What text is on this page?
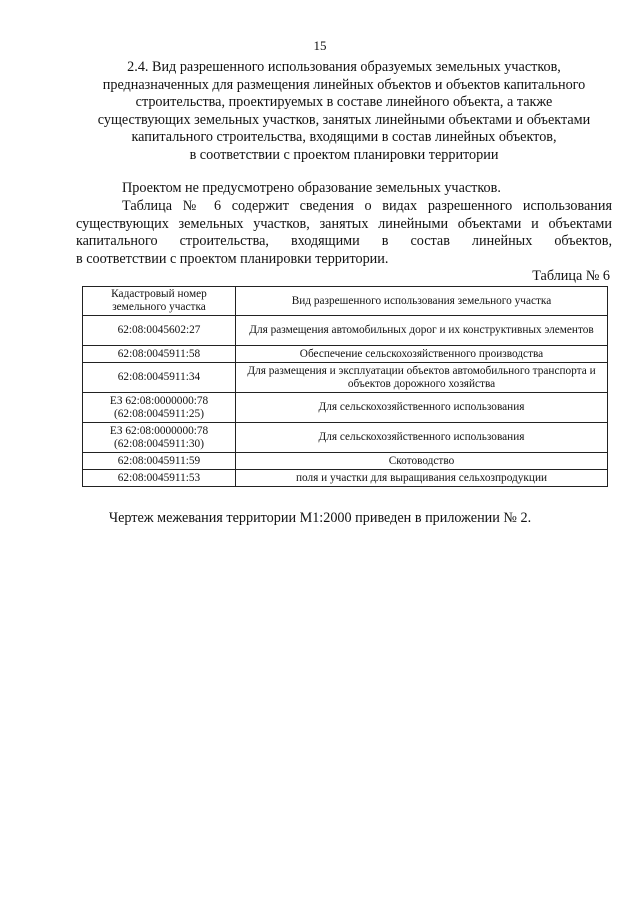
15
2.4. Вид разрешенного использования образуемых земельных участков,
предназначенных для размещения линейных объектов и объектов капитального
строительства, проектируемых в составе линейного объекта, а также
существующих земельных участков, занятых линейными объектами и объектами
капитального строительства, входящими в состав линейных объектов,
в соответствии с проектом планировки территории
Проектом не предусмотрено образование земельных участков.
Таблица № 6 содержит сведения о видах разрешенного использования
существующих земельных участков, занятых линейными объектами и объектами
капитального строительства, входящими в состав линейных объектов,
в соответствии с проектом планировки территории.
Таблица № 6
Кадастровый номер земельного участка	Вид разрешенного использования земельного участка
62:08:0045602:27	Для размещения автомобильных дорог и их конструктивных элементов
62:08:0045911:58	Обеспечение сельскохозяйственного производства
62:08:0045911:34	Для размещения и эксплуатации объектов автомобильного транспорта и объектов дорожного хозяйства
ЕЗ 62:08:0000000:78 (62:08:0045911:25)	Для сельскохозяйственного использования
ЕЗ 62:08:0000000:78 (62:08:0045911:30)	Для сельскохозяйственного использования
62:08:0045911:59	Скотоводство
62:08:0045911:53	поля и участки для выращивания сельхозпродукции
Чертеж межевания территории М1:2000 приведен в приложении № 2.
